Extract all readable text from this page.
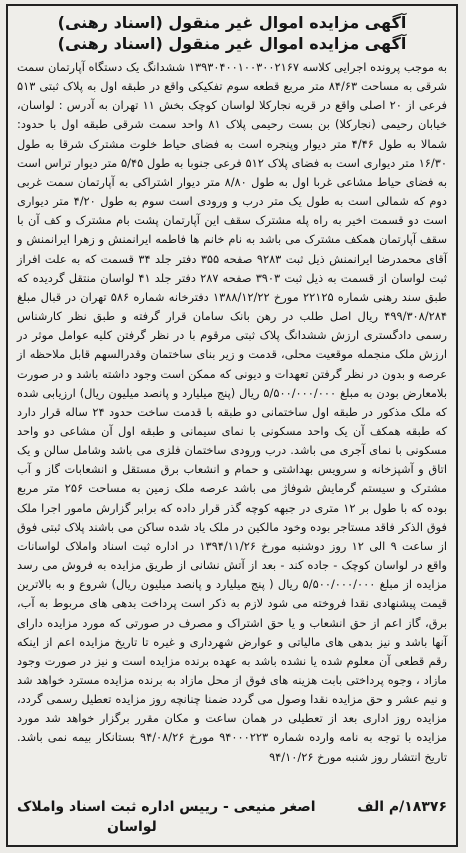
آگهی مزایده اموال غیر منقول (اسناد رهنی)
آگهی مزایده اموال غیر منقول (اسناد رهنی)

به موجب پرونده اجرایی کلاسه ۱۳۹۳۰۴۰۰۱۰۰۳۰۰۲۱۶۷ ششدانگ یک دستگاه آپارتمان سمت شرقی به مساحت ۸۴/۶۳ متر مربع قطعه سوم تفکیکی واقع در طبقه اول به پلاک ثبتی ۵۱۳ فرعی از ۲۰ اصلی واقع در قریه نجارکلا لواسان کوچک بخش ۱۱ تهران به آدرس : لواسان، خیابان رحیمی (نجارکلا) بن بست رحیمی پلاک ۸۱ واحد سمت شرقی طبقه اول با حدود: شمالا به طول ۴/۴۶ متر دیوار وپنجره است به فضای حیاط خلوت مشترک شرقا به طول ۱۶/۳۰ متر دیواری است به فضای پلاک ۵۱۲ فرعی جنوبا به طول ۵/۴۵ متر دیوار تراس است به فضای حیاط مشاعی غربا اول به طول ۸/۸۰ متر دیوار اشتراکی به آپارتمان سمت غربی دوم که شمالی است به طول یک متر درب و ورودی است سوم به طول ۴/۲۰ متر دیواری است دو قسمت اخیر به راه پله مشترک سقف این آپارتمان پشت بام مشترک و کف آن با سقف آپارتمان همکف مشترک می باشد به نام خانم ها فاطمه ایرانمنش و زهرا ایرانمنش و آقای محمدرضا ایرانمنش ذیل ثبت ۹۲۸۳ صفحه ۳۵۵ دفتر جلد ۳۴ قسمت که به علت افراز ثبت لواسان از قسمت به ذیل ثبت ۳۹۰۳ صفحه ۲۸۷ دفتر جلد ۴۱ لواسان منتقل گردیده که طبق سند رهنی شماره ۲۲۱۲۵ مورخ ۱۳۸۸/۱۲/۲۲ دفترخانه شماره ۵۸۶ تهران در قبال مبلغ ۴۹۹/۳۰۸/۲۸۴ ریال اصل طلب در رهن بانک سامان قرار گرفته و طبق نظر کارشناس رسمی دادگستری ارزش ششدانگ پلاک ثبتی مرقوم با در نظر گرفتن کلیه عوامل موثر در ارزش ملک منجمله موقعیت محلی، قدمت و زیر بنای ساختمان وقدرالسهم قابل ملاحظه از عرصه و بدون در نظر گرفتن تعهدات و دیونی که ممکن است وجود داشته باشد و در صورت بلامعارض بودن به مبلغ ۵/۵۰۰/۰۰۰/۰۰۰ ریال (پنج میلیارد و پانصد میلیون ریال) ارزیابی شده که ملک مذکور در طبقه اول ساختمانی دو طبقه با قدمت ساخت حدود ۲۴ ساله قرار دارد که طبقه همکف آن یک واحد مسکونی با نمای سیمانی و طبقه اول آن مشاعی دو واحد مسکونی با نمای آجری می باشد. درب ورودی ساختمان فلزی می باشد وشامل سالن و یک اتاق و آشپزخانه و سرویس بهداشتی و حمام و انشعاب برق مستقل و انشعابات گاز و آب مشترک و سیستم گرمایش شوفاژ می باشد عرصه ملک زمین به مساحت ۲۵۶ متر مربع بوده که با طول بر ۱۲ متری در جبهه کوچه گذر قرار داده که برابر گزارش مامور اجرا ملک فوق الذکر فاقد مستاجر بوده وخود مالکین در ملک یاد شده ساکن می باشند پلاک ثبتی فوق از ساعت ۹ الی ۱۲ روز دوشنبه مورخ ۱۳۹۴/۱۱/۲۶ در اداره ثبت اسناد واملاک لواسانات واقع در لواسان کوچک - جاده کند - بعد از آتش نشانی از طریق مزایده به فروش می رسد مزایده از مبلغ ۵/۵۰۰/۰۰۰/۰۰۰ ریال ( پنج میلیارد و پانصد میلیون ریال) شروع و به بالاترین قیمت پیشنهادی نقدا فروخته می شود لازم به ذکر است پرداخت بدهی های مربوط به آب، برق، گاز اعم از حق انشعاب و یا حق اشتراک و مصرف در صورتی که مورد مزایده دارای آنها باشد و نیز بدهی های مالیاتی و عوارض شهرداری و غیره تا تاریخ مزایده اعم از اینکه رقم قطعی آن معلوم شده یا نشده باشد به عهده برنده مزایده است و نیز در صورت وجود مازاد ، وجوه پرداختی بابت هزینه های فوق از محل مازاد به برنده مزایده مسترد خواهد شد و نیم عشر و حق مزایده نقدا وصول می گردد ضمنا چنانچه روز مزایده تعطیل رسمی گردد، مزایده روز اداری بعد از تعطیلی در همان ساعت و مکان مقرر برگزار خواهد شد مورد مزایده با توجه به نامه وارده شماره ۹۴۰۰۰۲۲۳ مورخ ۹۴/۰۸/۲۶ بستانکار بیمه نمی باشد. تاریخ انتشار روز شنبه مورخ ۹۴/۱۰/۲۶

۱۸۳۷۶/م الف
اصغر منیعی - رییس اداره ثبت اسناد واملاک
لواسان
